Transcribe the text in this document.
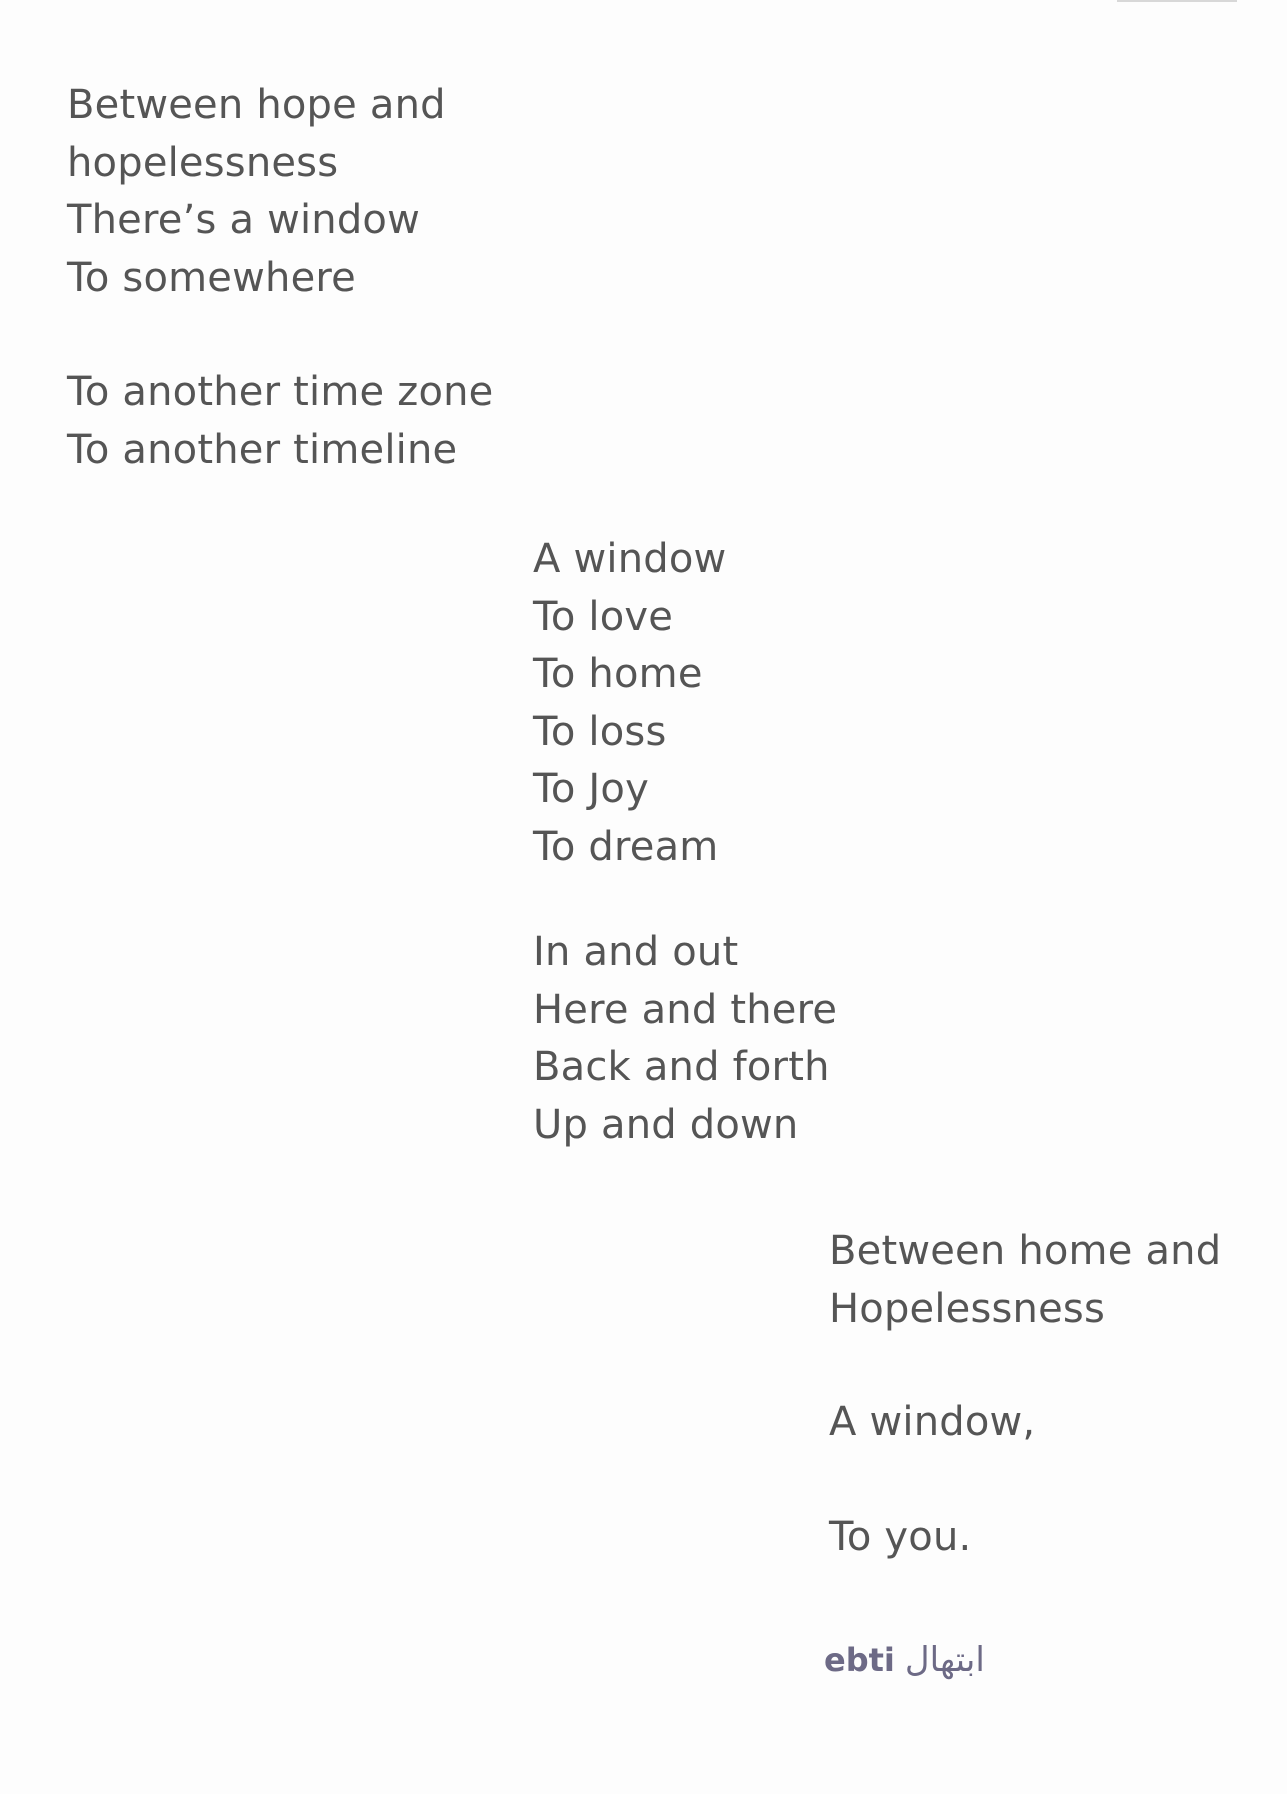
Between hope and
hopelessness
There’s a window
To somewhere
To another time zone
To another timeline
A window
To love
To home
To loss
To Joy
To dream
In and out
Here and there
Back and forth
Up and down
Between home and
Hopelessness
A window,
To you.
ebti ابتهال
